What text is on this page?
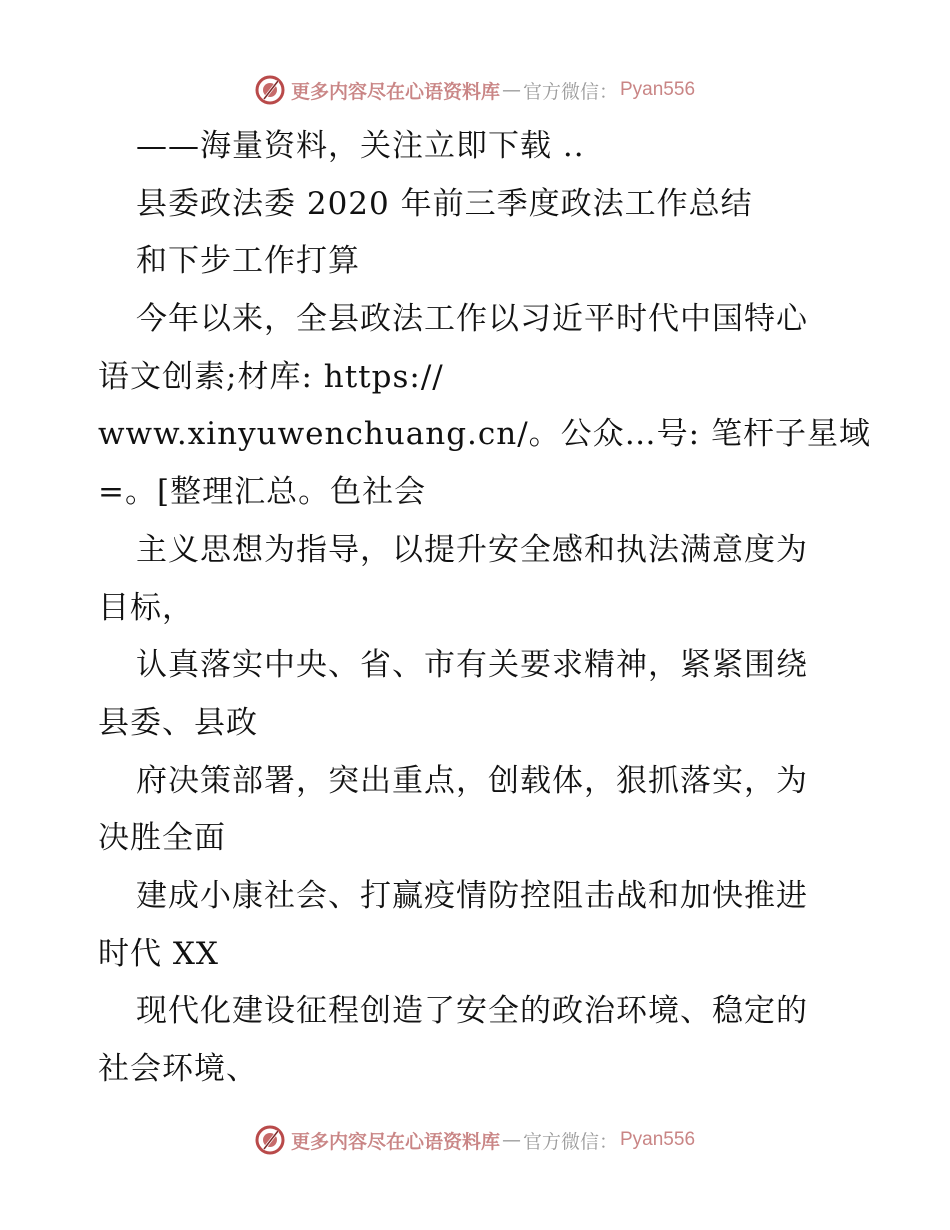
更多内容尽在心语资料库 — 官方微信： Pyan556
——海量资料，关注立即下载 ..
县委政法委 2020 年前三季度政法工作总结
和下步工作打算
今年以来，全县政法工作以习近平时代中国特心
语文创素;材库: https://
www.xinyuwenchuang.cn/。公众…号: 笔杆子星域
=。[整理汇总。色社会
主义思想为指导，以提升安全感和执法满意度为
目标，
认真落实中央、省、市有关要求精神，紧紧围绕
县委、县政
府决策部署，突出重点，创载体，狠抓落实，为
决胜全面
建成小康社会、打赢疫情防控阻击战和加快推进
时代 XX
现代化建设征程创造了安全的政治环境、稳定的
社会环境、
更多内容尽在心语资料库 — 官方微信： Pyan556
